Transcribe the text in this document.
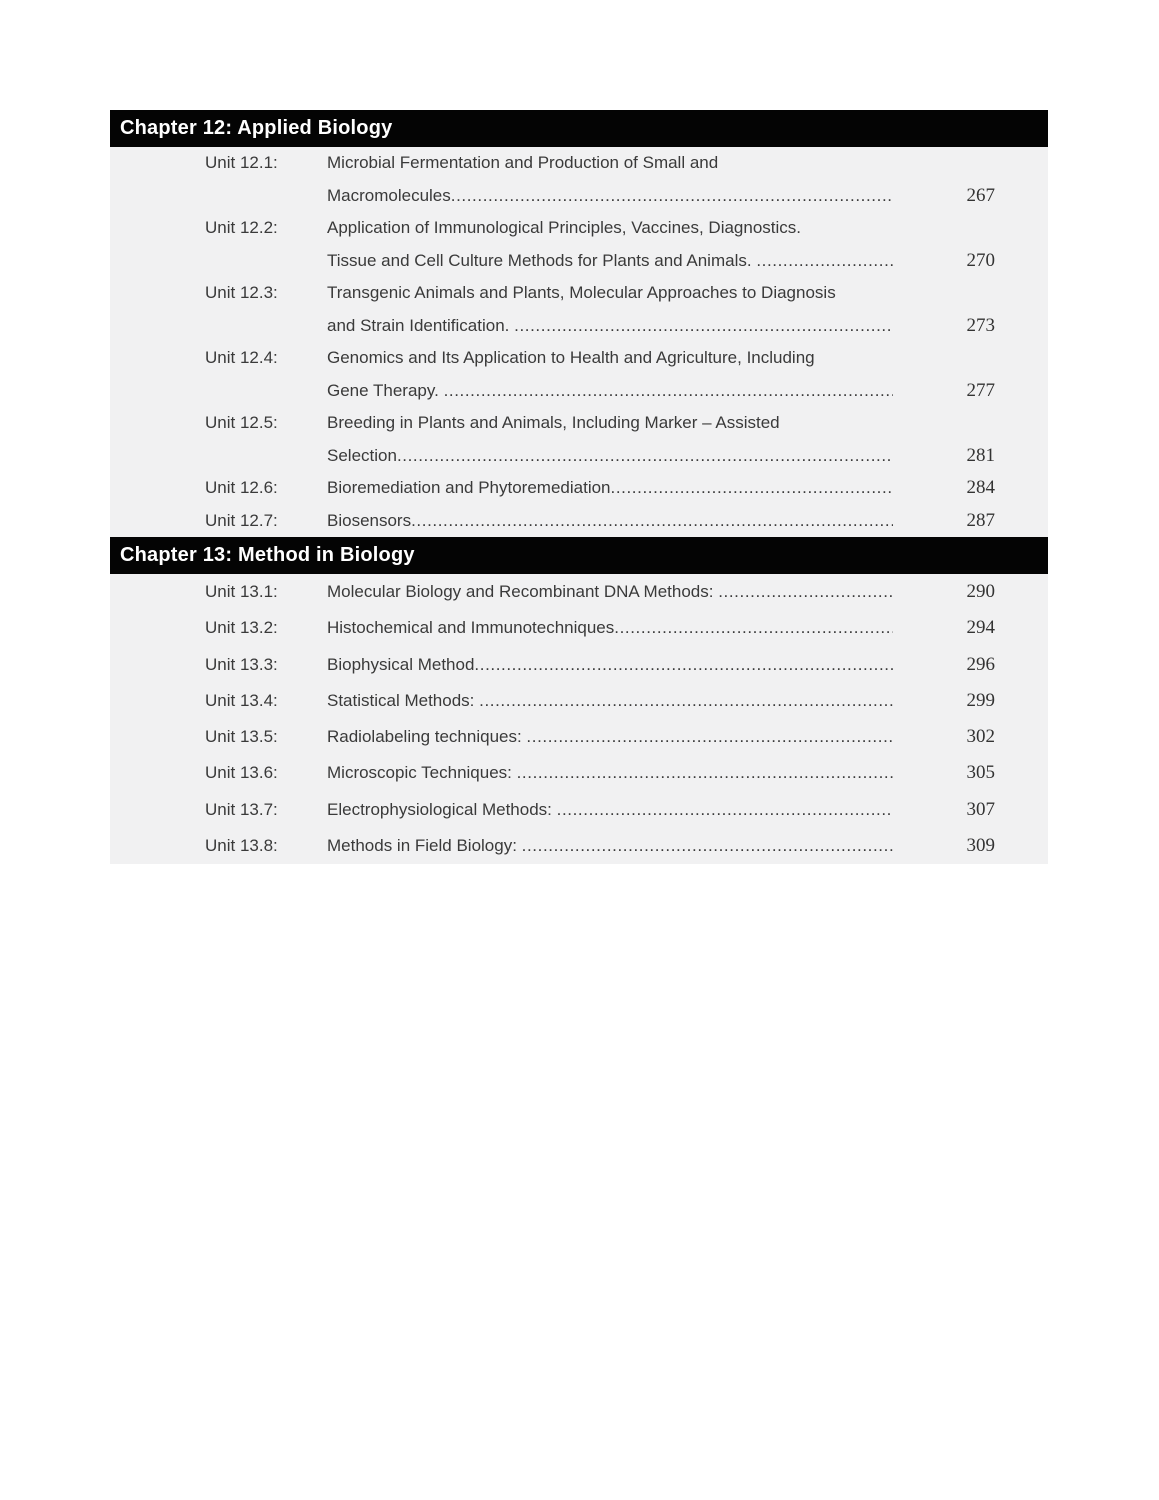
Chapter 12: Applied Biology
Unit 12.1:	Microbial Fermentation and Production of Small and
Macromolecules .....	267
Unit 12.2:	Application of Immunological Principles, Vaccines, Diagnostics.
Tissue and Cell Culture Methods for Plants and Animals. .....	270
Unit 12.3:	Transgenic Animals and Plants, Molecular Approaches to Diagnosis
and Strain Identification. .....	273
Unit 12.4:	Genomics and Its Application to Health and Agriculture, Including
Gene Therapy. .....	277
Unit 12.5:	Breeding in Plants and Animals, Including Marker – Assisted
Selection .....	281
Unit 12.6:	Bioremediation and Phytoremediation .....	284
Unit 12.7:	Biosensors .....	287
Chapter 13: Method in Biology
Unit 13.1:	Molecular Biology and Recombinant DNA Methods: .....	290
Unit 13.2:	Histochemical and Immunotechniques .....	294
Unit 13.3:	Biophysical Method .....	296
Unit 13.4:	Statistical Methods: .....	299
Unit 13.5:	Radiolabeling techniques: .....	302
Unit 13.6:	Microscopic Techniques: .....	305
Unit 13.7:	Electrophysiological Methods: .....	307
Unit 13.8:	Methods in Field Biology: .....	309
